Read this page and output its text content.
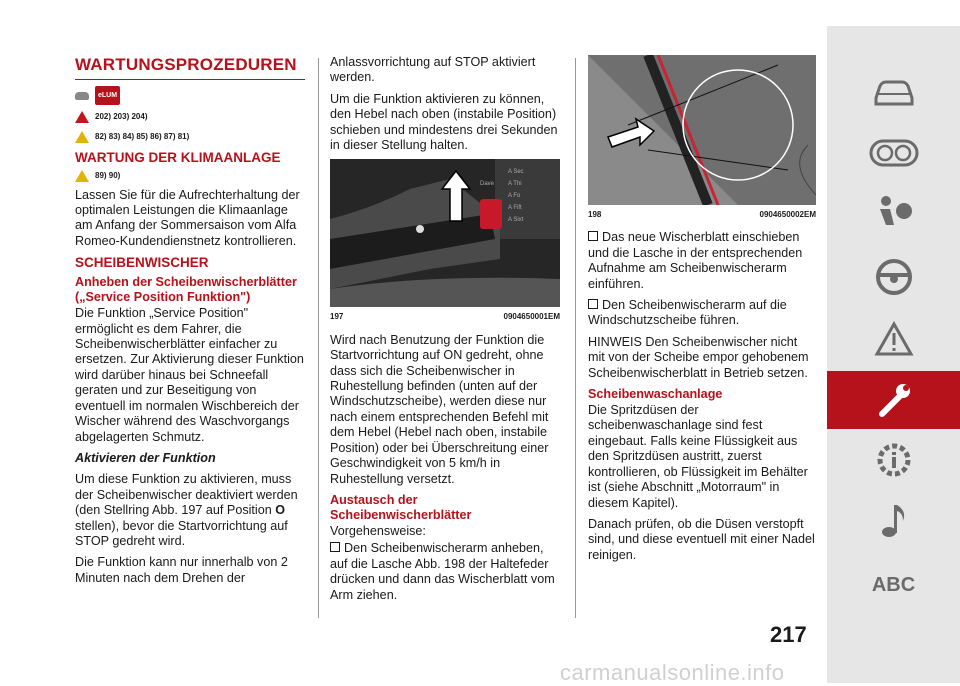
WARTUNGSPROZEDUREN
eLUM
202) 203) 204)
82) 83) 84) 85) 86) 87) 81)
WARTUNG DER KLIMAANLAGE
89) 90)

Lassen Sie für die Aufrechterhaltung der optimalen Leistungen die Klimaanlage am Anfang der Sommersaison vom Alfa Romeo-Kundendienstnetz kontrollieren.

SCHEIBENWISCHER
Anheben der Scheibenwischerblätter („Service Position Funktion")

Die Funktion „Service Position" ermöglicht es dem Fahrer, die Scheibenwischerblätter einfacher zu ersetzen. Zur Aktivierung dieser Funktion wird darüber hinaus bei Schneefall geraten und zur Beseitigung von eventuell im normalen Wischbereich der Wischer während des Waschvorgangs abgelagerten Schmutz.

Aktivieren der Funktion

Um diese Funktion zu aktivieren, muss der Scheibenwischer deaktiviert werden (den Stellring Abb. 197 auf Position O stellen), bevor die Startvorrichtung auf STOP gedreht wird.

Die Funktion kann nur innerhalb von 2 Minuten nach dem Drehen der

Anlassvorrichtung auf STOP aktiviert werden.

Um die Funktion aktivieren zu können, den Hebel nach oben (instabile Position) schieben und mindestens drei Sekunden in dieser Stellung halten.

A Sec
A Thi
A Fo
A Fift
A Sixt
Dave
197	0904650001EM

Wird nach Benutzung der Funktion die Startvorrichtung auf ON gedreht, ohne dass sich die Scheibenwischer in Ruhestellung befinden (unten auf der Windschutzscheibe), werden diese nur nach einem entsprechenden Befehl mit dem Hebel (Hebel nach oben, instabile Position) oder bei Überschreitung einer Geschwindigkeit von 5 km/h in Ruhestellung versetzt.

Austausch der Scheibenwischerblätter

Vorgehensweise:

Den Scheibenwischerarm anheben, auf die Lasche Abb. 198 der Haltefeder drücken und dann das Wischerblatt vom Arm ziehen.

198	0904650002EM

Das neue Wischerblatt einschieben und die Lasche in der entsprechenden Aufnahme am Scheibenwischerarm einführen.

Den Scheibenwischerarm auf die Windschutzscheibe führen.

HINWEIS Den Scheibenwischer nicht mit von der Scheibe empor gehobenem Scheibenwischerblatt in Betrieb setzen.

Scheibenwaschanlage

Die Spritzdüsen der scheibenwaschanlage sind fest eingebaut. Falls keine Flüssigkeit aus den Spritzdüsen austritt, zuerst kontrollieren, ob Flüssigkeit im Behälter ist (siehe Abschnitt „Motorraum" in diesem Kapitel).

Danach prüfen, ob die Düsen verstopft sind, und diese eventuell mit einer Nadel reinigen.

ABC
217
carmanualsonline.info
